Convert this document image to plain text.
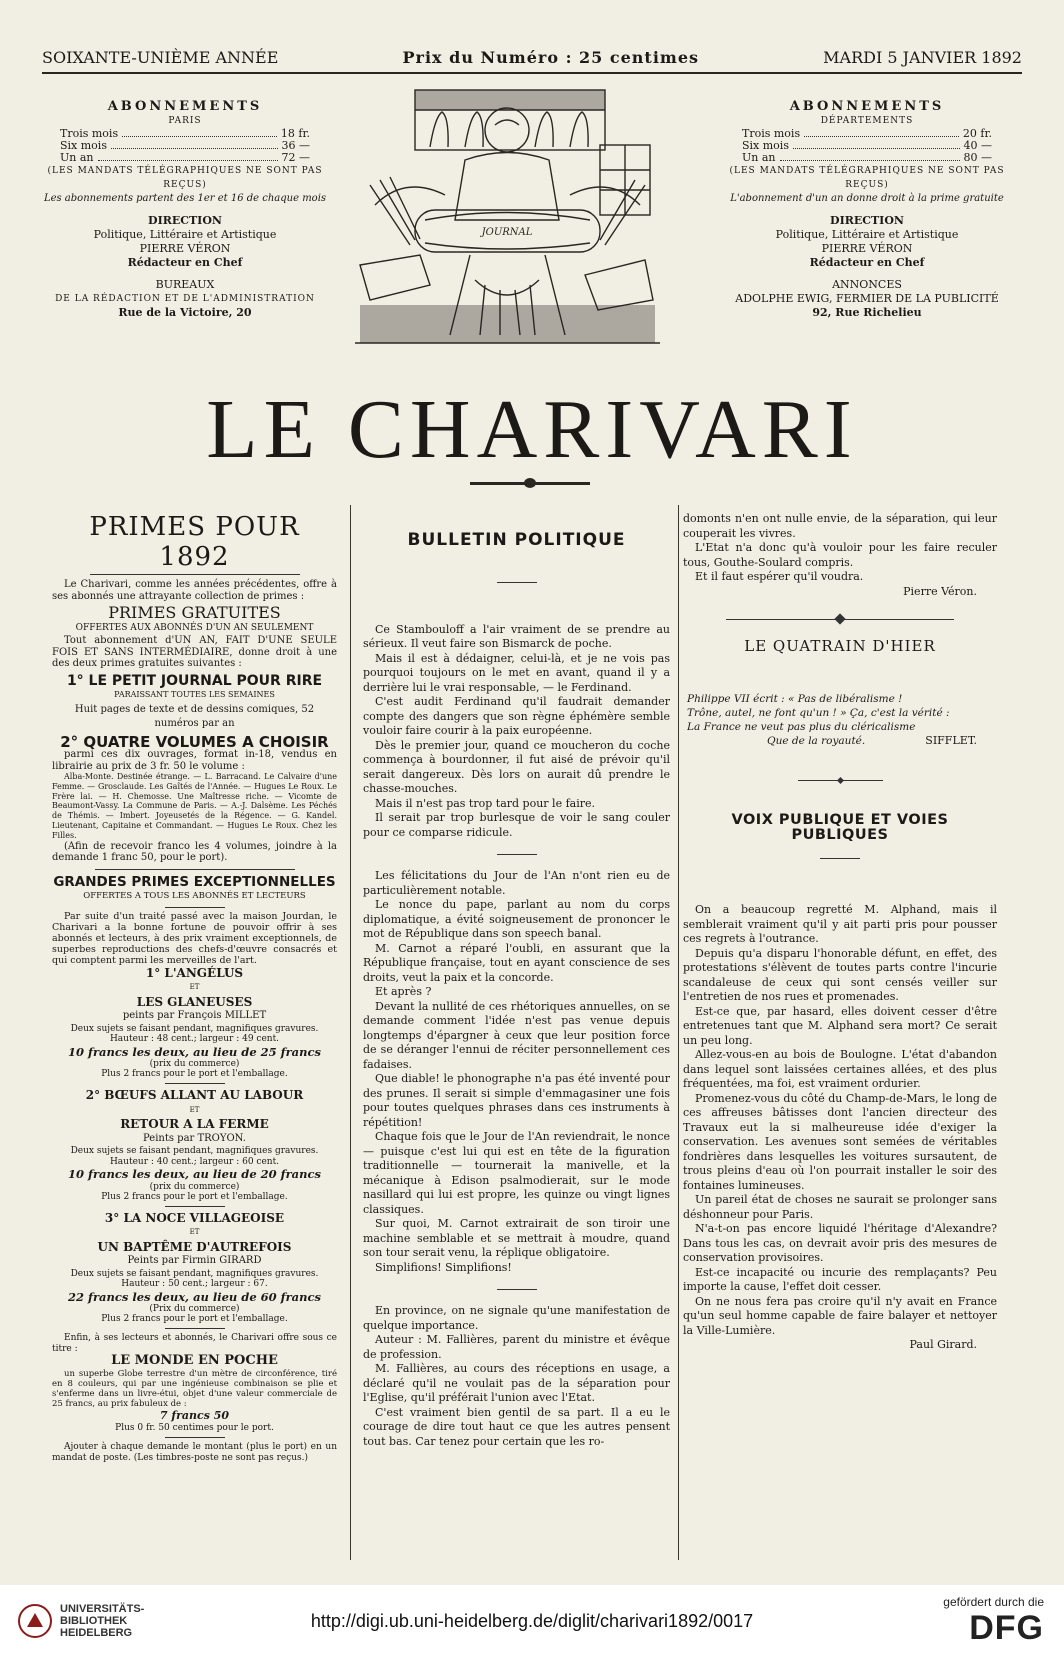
SOIXANTE-UNIÈME ANNÉE	Prix du Numéro : 25 centimes	MARDI 5 JANVIER 1892
ABONNEMENTS
PARIS
Trois mois	18 fr.
Six mois	36 —
Un an	72 —
(LES MANDATS TÉLÉGRAPHIQUES NE SONT PAS REÇUS)
Les abonnements partent des 1er et 16 de chaque mois
DIRECTION
Politique, Littéraire et Artistique
PIERRE VÉRON
Rédacteur en Chef
BUREAUX
DE LA RÉDACTION ET DE L'ADMINISTRATION
Rue de la Victoire, 20
JOURNAL
ABONNEMENTS
DÉPARTEMENTS
Trois mois	20 fr.
Six mois	40 —
Un an	80 —
(LES MANDATS TÉLÉGRAPHIQUES NE SONT PAS REÇUS)
L'abonnement d'un an donne droit à la prime gratuite
DIRECTION
Politique, Littéraire et Artistique
PIERRE VÉRON
Rédacteur en Chef
ANNONCES
ADOLPHE EWIG, FERMIER DE LA PUBLICITÉ
92, Rue Richelieu
LE CHARIVARI
PRIMES POUR 1892

Le Charivari, comme les années précédentes, offre à ses abonnés une attrayante collection de primes :

PRIMES GRATUITES
OFFERTES AUX ABONNÉS D'UN AN SEULEMENT

Tout abonnement d'UN AN, FAIT D'UNE SEULE FOIS ET SANS INTERMÉDIAIRE, donne droit à une des deux primes gratuites suivantes :

1° LE PETIT JOURNAL POUR RIRE
PARAISSANT TOUTES LES SEMAINES
Huit pages de texte et de dessins comiques, 52 numéros par an
2° QUATRE VOLUMES A CHOISIR

parmi ces dix ouvrages, format in-18, vendus en librairie au prix de 3 fr. 50 le volume :

Alba-Monte. Destinée étrange. — L. Barracand. Le Calvaire d'une Femme. — Grosclaude. Les Gaîtés de l'Année. — Hugues Le Roux. Le Frère lai. — H. Chemosse. Une Maîtresse riche. — Vicomte de Beaumont-Vassy. La Commune de Paris. — A.-J. Dalsème. Les Péchés de Thémis. — Imbert. Joyeusetés de la Régence. — G. Kandel. Lieutenant, Capitaine et Commandant. — Hugues Le Roux. Chez les Filles.

(Afin de recevoir franco les 4 volumes, joindre à la demande 1 franc 50, pour le port).

GRANDES PRIMES EXCEPTIONNELLES
OFFERTES A TOUS LES ABONNÉS ET LECTEURS

Par suite d'un traité passé avec la maison Jourdan, le Charivari a la bonne fortune de pouvoir offrir à ses abonnés et lecteurs, à des prix vraiment exceptionnels, de superbes reproductions des chefs-d'œuvre consacrés et qui comptent parmi les merveilles de l'art.

1° L'ANGÉLUS
ET
LES GLANEUSES
peints par François MILLET
Deux sujets se faisant pendant, magnifiques gravures. Hauteur : 48 cent.; largeur : 49 cent.
10 francs les deux, au lieu de 25 francs
(prix du commerce)
Plus 2 francs pour le port et l'emballage.
2° BŒUFS ALLANT AU LABOUR
ET
RETOUR A LA FERME
Peints par TROYON.
Deux sujets se faisant pendant, magnifiques gravures. Hauteur : 40 cent.; largeur : 60 cent.
10 francs les deux, au lieu de 20 francs
(prix du commerce)
Plus 2 francs pour le port et l'emballage.
3° LA NOCE VILLAGEOISE
ET
UN BAPTÊME D'AUTREFOIS
Peints par Firmin GIRARD
Deux sujets se faisant pendant, magnifiques gravures. Hauteur : 50 cent.; largeur : 67.
22 francs les deux, au lieu de 60 francs
(Prix du commerce)
Plus 2 francs pour le port et l'emballage.

Enfin, à ses lecteurs et abonnés, le Charivari offre sous ce titre :

LE MONDE EN POCHE

un superbe Globe terrestre d'un mètre de circonférence, tiré en 8 couleurs, qui par une ingénieuse combinaison se plie et s'enferme dans un livre-étui, objet d'une valeur commerciale de 25 francs, au prix fabuleux de :

7 francs 50
Plus 0 fr. 50 centimes pour le port.

Ajouter à chaque demande le montant (plus le port) en un mandat de poste. (Les timbres-poste ne sont pas reçus.)

BULLETIN POLITIQUE

Ce Stambouloff a l'air vraiment de se prendre au sérieux. Il veut faire son Bismarck de poche.

Mais il est à dédaigner, celui-là, et je ne vois pas pourquoi toujours on le met en avant, quand il y a derrière lui le vrai responsable, — le Ferdinand.

C'est audit Ferdinand qu'il faudrait demander compte des dangers que son règne éphémère semble vouloir faire courir à la paix européenne.

Dès le premier jour, quand ce moucheron du coche commença à bourdonner, il fut aisé de prévoir qu'il serait dangereux. Dès lors on aurait dû prendre le chasse-mouches.

Mais il n'est pas trop tard pour le faire.

Il serait par trop burlesque de voir le sang couler pour ce comparse ridicule.

Les félicitations du Jour de l'An n'ont rien eu de particulièrement notable.

Le nonce du pape, parlant au nom du corps diplomatique, a évité soigneusement de prononcer le mot de République dans son speech banal.

M. Carnot a réparé l'oubli, en assurant que la République française, tout en ayant conscience de ses droits, veut la paix et la concorde.

Et après ?

Devant la nullité de ces rhétoriques annuelles, on se demande comment l'idée n'est pas venue depuis longtemps d'épargner à ceux que leur position force de se déranger l'ennui de réciter personnellement ces fadaises.

Que diable! le phonographe n'a pas été inventé pour des prunes. Il serait si simple d'emmagasiner une fois pour toutes quelques phrases dans ces instruments à répétition!

Chaque fois que le Jour de l'An reviendrait, le nonce — puisque c'est lui qui est en tête de la figuration traditionnelle — tournerait la manivelle, et la mécanique à Edison psalmodierait, sur le mode nasillard qui lui est propre, les quinze ou vingt lignes classiques.

Sur quoi, M. Carnot extrairait de son tiroir une machine semblable et se mettrait à moudre, quand son tour serait venu, la réplique obligatoire.

Simplifions! Simplifions!

En province, on ne signale qu'une manifestation de quelque importance.

Auteur : M. Fallières, parent du ministre et évêque de profession.

M. Fallières, au cours des réceptions en usage, a déclaré qu'il ne voulait pas de la séparation pour l'Eglise, qu'il préférait l'union avec l'Etat.

C'est vraiment bien gentil de sa part. Il a eu le courage de dire tout haut ce que les autres pensent tout bas. Car tenez pour certain que les ro-

domonts n'en ont nulle envie, de la séparation, qui leur couperait les vivres.

L'Etat n'a donc qu'à vouloir pour les faire reculer tous, Gouthe-Soulard compris.

Et il faut espérer qu'il voudra.

Pierre Véron.
LE QUATRAIN D'HIER
Philippe VII écrit : « Pas de libéralisme !
Trône, autel, ne font qu'un ! » Ça, c'est la vérité :
La France ne veut pas plus du cléricalisme
Que de la royauté.	SIFFLET.
VOIX PUBLIQUE ET VOIES PUBLIQUES

On a beaucoup regretté M. Alphand, mais il semblerait vraiment qu'il y ait parti pris pour pousser ces regrets à l'outrance.

Depuis qu'a disparu l'honorable défunt, en effet, des protestations s'élèvent de toutes parts contre l'incurie scandaleuse de ceux qui sont censés veiller sur l'entretien de nos rues et promenades.

Est-ce que, par hasard, elles doivent cesser d'être entretenues tant que M. Alphand sera mort? Ce serait un peu long.

Allez-vous-en au bois de Boulogne. L'état d'abandon dans lequel sont laissées certaines allées, et des plus fréquentées, ma foi, est vraiment ordurier.

Promenez-vous du côté du Champ-de-Mars, le long de ces affreuses bâtisses dont l'ancien directeur des Travaux eut la si malheureuse idée d'exiger la conservation. Les avenues sont semées de véritables fondrières dans lesquelles les voitures sursautent, de trous pleins d'eau où l'on pourrait installer le soir des fontaines lumineuses.

Un pareil état de choses ne saurait se prolonger sans déshonneur pour Paris.

N'a-t-on pas encore liquidé l'héritage d'Alexandre? Dans tous les cas, on devrait avoir pris des mesures de conservation provisoires.

Est-ce incapacité ou incurie des remplaçants? Peu importe la cause, l'effet doit cesser.

On ne nous fera pas croire qu'il n'y avait en France qu'un seul homme capable de faire balayer et nettoyer la Ville-Lumière.

Paul Girard.
UNIVERSITÄTS-
BIBLIOTHEK
HEIDELBERG
http://digi.ub.uni-heidelberg.de/diglit/charivari1892/0017
gefördert durch die
DFG
